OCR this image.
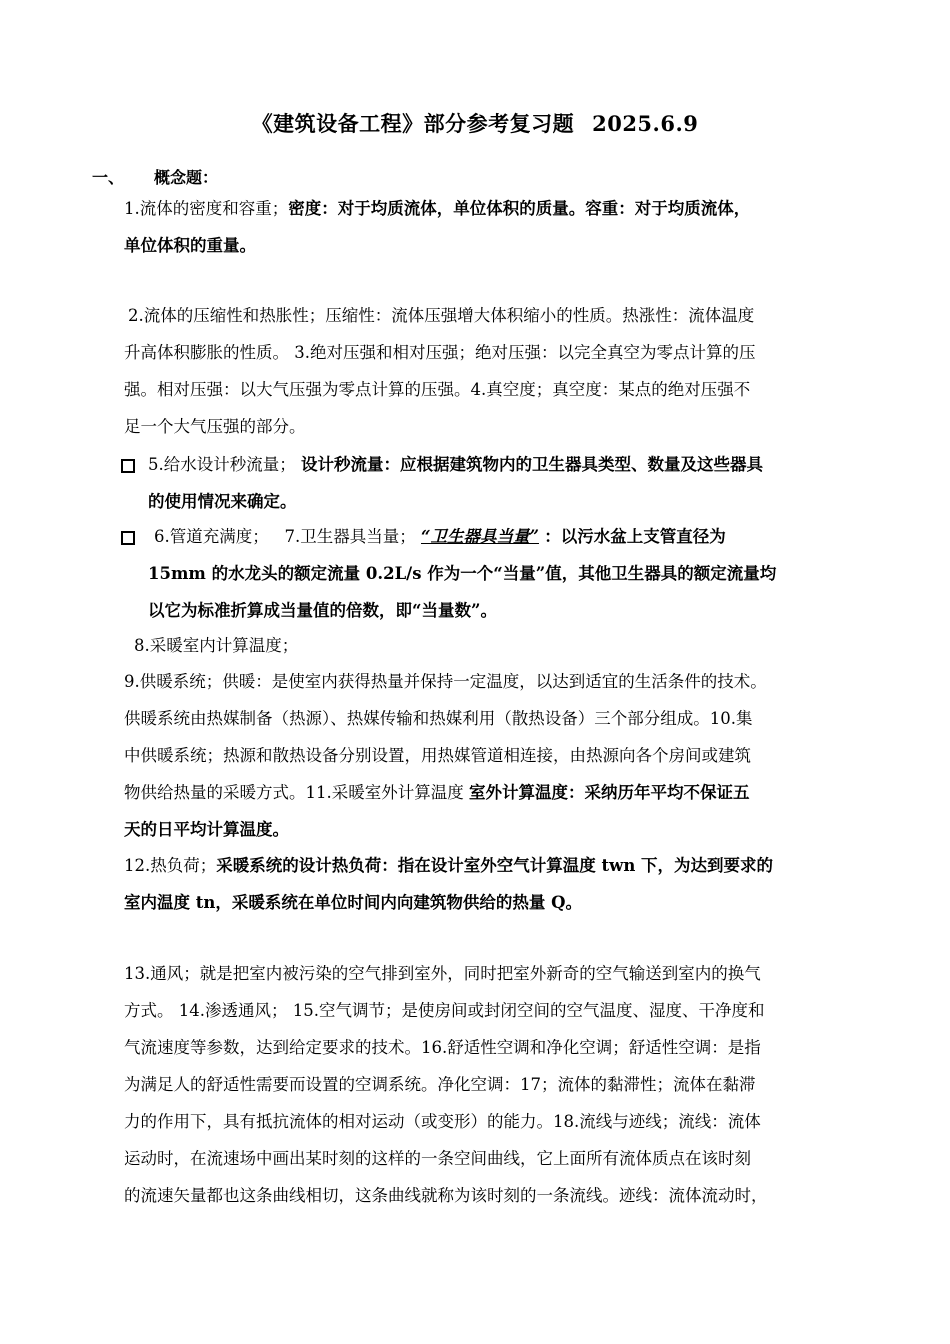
《建筑设备工程》部分参考复习题 2025.6.9
一、 概念题：
1.流体的密度和容重；密度：对于均质流体，单位体积的质量。容重：对于均质流体，
单位体积的重量。
2.流体的压缩性和热胀性；压缩性：流体压强增大体积缩小的性质。热涨性：流体温度
升高体积膨胀的性质。 3.绝对压强和相对压强；绝对压强：以完全真空为零点计算的压
强。相对压强：以大气压强为零点计算的压强。4.真空度；真空度：某点的绝对压强不
足一个大气压强的部分。
5.给水设计秒流量； 设计秒流量：应根据建筑物内的卫生器具类型、数量及这些器具
的使用情况来确定。
6.管道充满度； 7.卫生器具当量； “卫生器具当量” ：以污水盆上支管直径为
15mm 的水龙头的额定流量 0.2L/s 作为一个“当量”值，其他卫生器具的额定流量均
以它为标准折算成当量值的倍数，即“当量数”。
8.采暖室内计算温度；
9.供暖系统；供暖：是使室内获得热量并保持一定温度，以达到适宜的生活条件的技术。
供暖系统由热媒制备（热源）、热媒传输和热媒利用（散热设备）三个部分组成。10.集
中供暖系统；热源和散热设备分别设置，用热媒管道相连接，由热源向各个房间或建筑
物供给热量的采暖方式。11.采暖室外计算温度 室外计算温度：采纳历年平均不保证五
天的日平均计算温度。
12.热负荷；采暖系统的设计热负荷：指在设计室外空气计算温度 twn 下，为达到要求的
室内温度 tn，采暖系统在单位时间内向建筑物供给的热量 Q。
13.通风；就是把室内被污染的空气排到室外，同时把室外新奇的空气输送到室内的换气
方式。 14.渗透通风； 15.空气调节；是使房间或封闭空间的空气温度、湿度、干净度和
气流速度等参数，达到给定要求的技术。16.舒适性空调和净化空调；舒适性空调：是指
为满足人的舒适性需要而设置的空调系统。净化空调：17；流体的黏滞性；流体在黏滞
力的作用下，具有抵抗流体的相对运动（或变形）的能力。18.流线与迹线；流线：流体
运动时，在流速场中画出某时刻的这样的一条空间曲线，它上面所有流体质点在该时刻
的流速矢量都也这条曲线相切，这条曲线就称为该时刻的一条流线。迹线：流体流动时，
